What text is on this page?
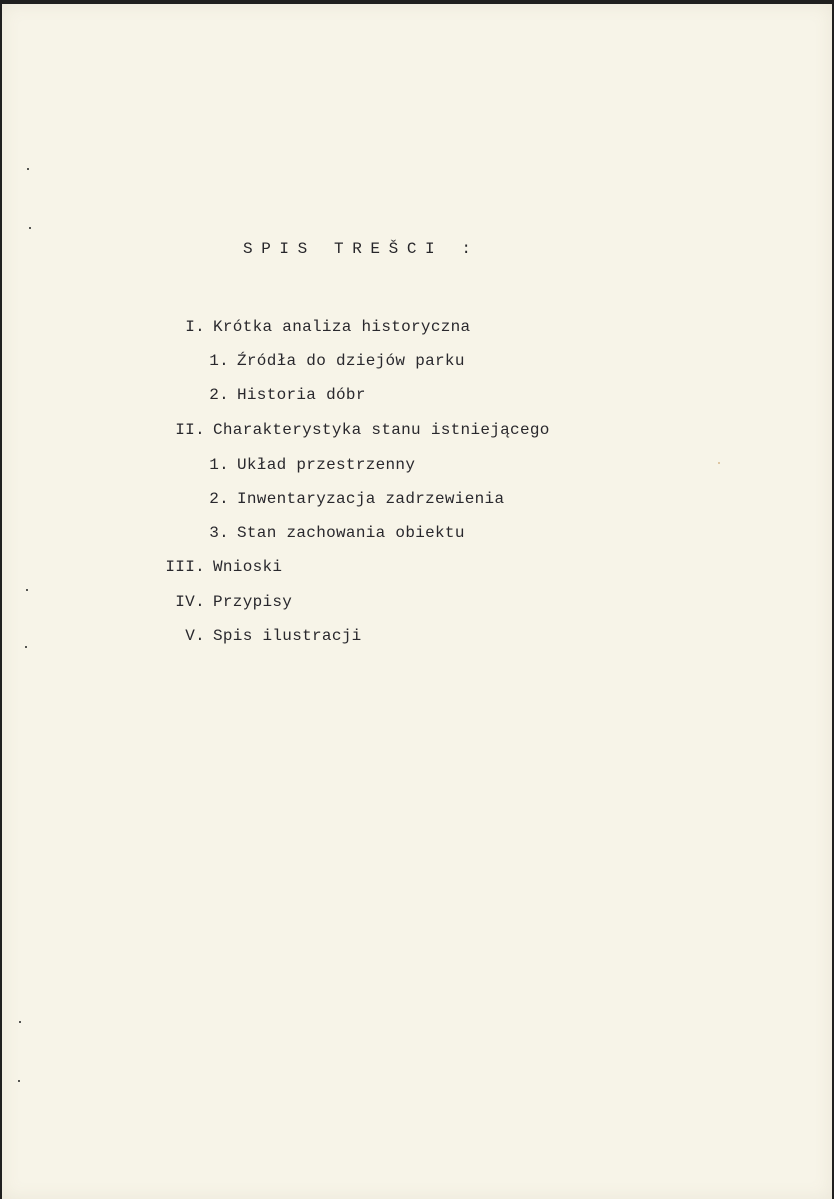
SPIS TREŠCI :
I. Krótka analiza historyczna
1. Źródła do dziejów parku
2. Historia dóbr
II. Charakterystyka stanu istniejącego
1. Układ przestrzenny
2. Inwentaryzacja zadrzewienia
3. Stan zachowania obiektu
III. Wnioski
IV. Przypisy
V. Spis ilustracji
